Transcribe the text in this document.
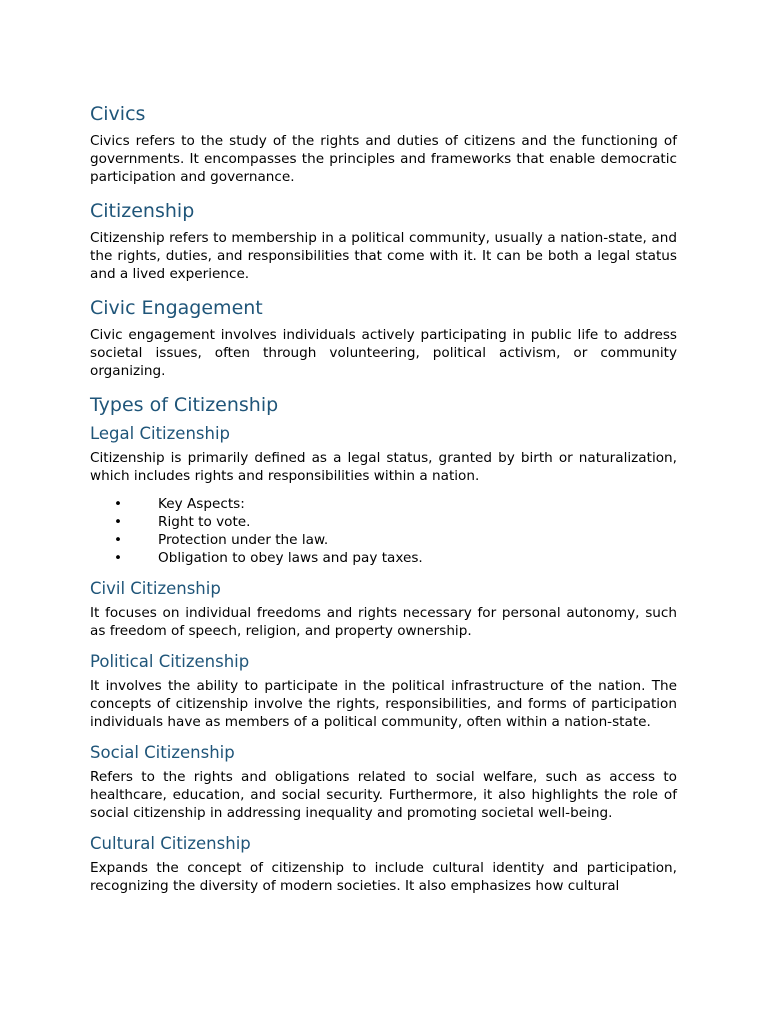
Civics

Civics refers to the study of the rights and duties of citizens and the functioning of governments. It encompasses the principles and frameworks that enable democratic participation and governance.

Citizenship

Citizenship refers to membership in a political community, usually a nation-state, and the rights, duties, and responsibilities that come with it. It can be both a legal status and a lived experience.

Civic Engagement

Civic engagement involves individuals actively participating in public life to address societal issues, often through volunteering, political activism, or community organizing.

Types of Citizenship
Legal Citizenship

Citizenship is primarily defined as a legal status, granted by birth or naturalization, which includes rights and responsibilities within a nation.

•	Key Aspects:
•	Right to vote.
•	Protection under the law.
•	Obligation to obey laws and pay taxes.
Civil Citizenship

It focuses on individual freedoms and rights necessary for personal autonomy, such as freedom of speech, religion, and property ownership.

Political Citizenship

It involves the ability to participate in the political infrastructure of the nation. The concepts of citizenship involve the rights, responsibilities, and forms of participation individuals have as members of a political community, often within a nation-state.

Social Citizenship

Refers to the rights and obligations related to social welfare, such as access to healthcare, education, and social security. Furthermore, it also highlights the role of social citizenship in addressing inequality and promoting societal well-being.

Cultural Citizenship

Expands the concept of citizenship to include cultural identity and participation, recognizing the diversity of modern societies. It also emphasizes how cultural
